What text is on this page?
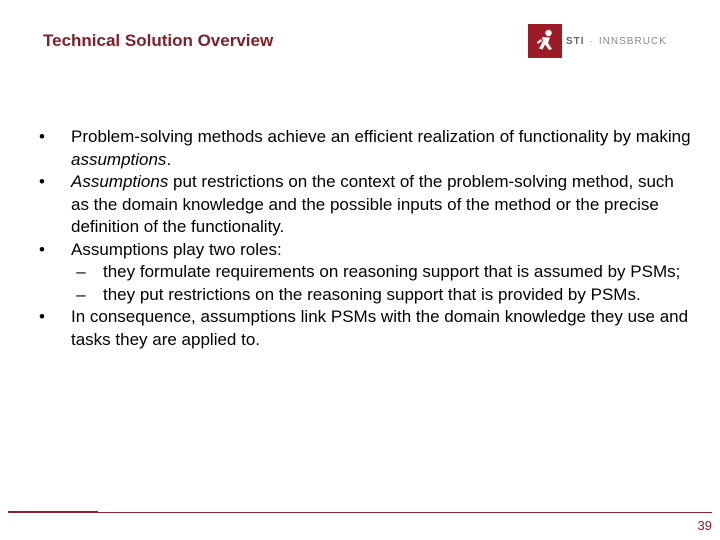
Technical Solution Overview	STI · INNSBRUCK
•	Problem-solving methods achieve an efficient realization of functionality by making assumptions.
•	Assumptions put restrictions on the context of the problem-solving method, such as the domain knowledge and the possible inputs of the method or the precise definition of the functionality.
•	Assumptions play two roles:
–	they formulate requirements on reasoning support that is assumed by PSMs;
–	they put restrictions on the reasoning support that is provided by PSMs.
•	In consequence, assumptions link PSMs with the domain knowledge they use and tasks they are applied to.
39
